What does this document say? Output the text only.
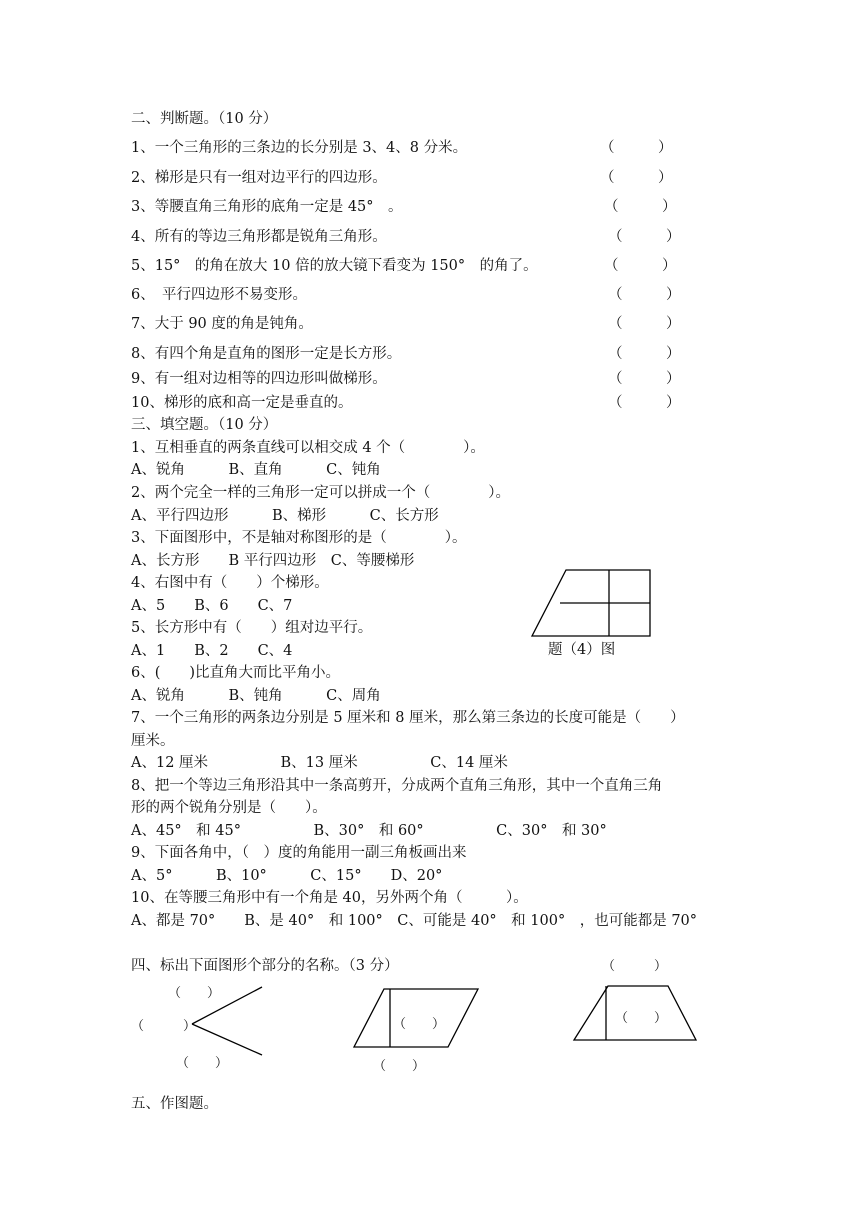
二、判断题。（10 分）
1、一个三角形的三条边的长分别是 3、4、8 分米。	（　　　）
2、梯形是只有一组对边平行的四边形。	（　　　）
3、等腰直角三角形的底角一定是 45°　。	（　　　）
4、所有的等边三角形都是锐角三角形。	（　　　）
5、15°　的角在放大 10 倍的放大镜下看变为 150°　的角了。	（　　　）
6、　平行四边形不易变形。	（　　　）
7、大于 90 度的角是钝角。	（　　　）
8、有四个角是直角的图形一定是长方形。	（　　　）
9、有一组对边相等的四边形叫做梯形。	（　　　）
10、梯形的底和高一定是垂直的。	（　　　）
三、填空题。（10 分）
1、互相垂直的两条直线可以相交成 4 个（　　　　）。
A、锐角　　　B、直角　　　C、钝角
2、两个完全一样的三角形一定可以拼成一个（　　　　）。
A、平行四边形　　　B、梯形　　　C、长方形
3、下面图形中，不是轴对称图形的是（　　　　）。
A、长方形　　B 平行四边形　C、等腰梯形
4、右图中有（　　）个梯形。
A、5　　B、6　　C、7
5、长方形中有（　　）组对边平行。
A、1　　B、2　　C、4
6、(　　)比直角大而比平角小。
A、锐角　　　B、钝角　　　C、周角
7、一个三角形的两条边分别是 5 厘米和 8 厘米，那么第三条边的长度可能是（　　）
厘米。
A、12 厘米　　　　　B、13 厘米　　　　　C、14 厘米
8、把一个等边三角形沿其中一条高剪开，分成两个直角三角形，其中一个直角三角
形的两个锐角分别是（　　）。
A、45°　和 45°　　　　　B、30°　和 60°　　　　　C、30°　和 30°
9、下面各角中，（　）度的角能用一副三角板画出来
A、5°　　　B、10°　　　C、15°　　D、20°
10、在等腰三角形中有一个角是 40，另外两个角（　　　）。
A、都是 70°　　B、是 40°　和 100°　C、可能是 40°　和 100°　，也可能都是 70°
题（4）图
四、标出下面图形个部分的名称。（3 分）
（　　）
（　　　）
（　　）
（　　）
（　　）
（　　　）
（　　）
五、作图题。
